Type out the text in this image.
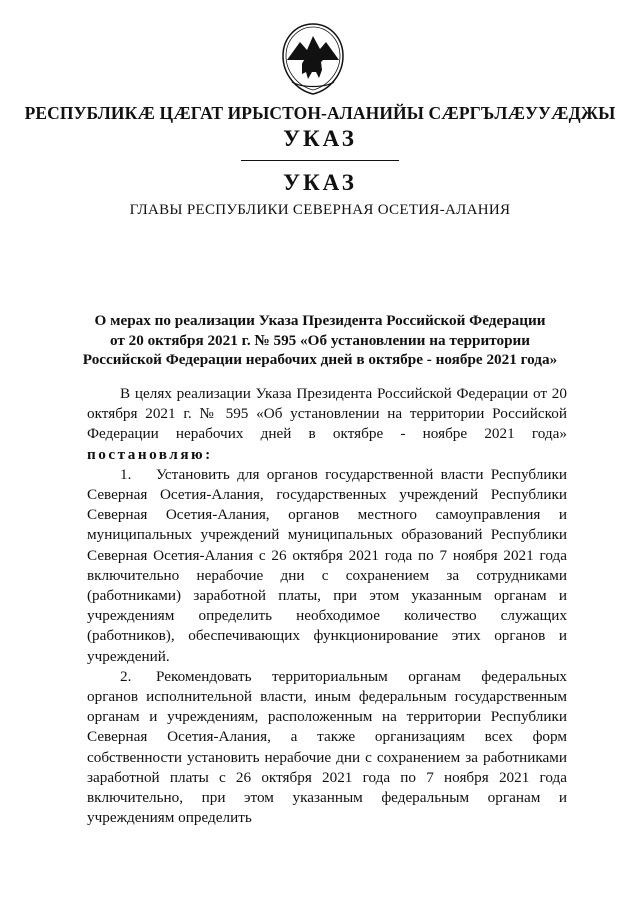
РЕСПУБЛИКӔ ЦӔГАТ ИРЫСТОН-АЛАНИЙЫ СӔРГЪЛӔУУӔДЖЫ
УКАЗ
УКАЗ
ГЛАВЫ РЕСПУБЛИКИ СЕВЕРНАЯ ОСЕТИЯ-АЛАНИЯ
О мерах по реализации Указа Президента Российской Федерации
от 20 октября 2021 г. № 595 «Об установлении на территории
Российской Федерации нерабочих дней в октябре - ноябре 2021 года»

В целях реализации Указа Президента Российской Федерации от 20 октября 2021 г. № 595 «Об установлении на территории Российской Федерации нерабочих дней в октябре - ноябре 2021 года» постановляю:

1. Установить для органов государственной власти Республики Северная Осетия-Алания, государственных учреждений Республики Северная Осетия-Алания, органов местного самоуправления и муниципальных учреждений муниципальных образований Республики Северная Осетия-Алания с 26 октября 2021 года по 7 ноября 2021 года включительно нерабочие дни с сохранением за сотрудниками (работниками) заработной платы, при этом указанным органам и учреждениям определить необходимое количество служащих (работников), обеспечивающих функционирование этих органов и учреждений.

2. Рекомендовать территориальным органам федеральных органов исполнительной власти, иным федеральным государственным органам и учреждениям, расположенным на территории Республики Северная Осетия-Алания, а также организациям всех форм собственности установить нерабочие дни с сохранением за работниками заработной платы с 26 октября 2021 года по 7 ноября 2021 года включительно, при этом указанным федеральным органам и учреждениям определить
